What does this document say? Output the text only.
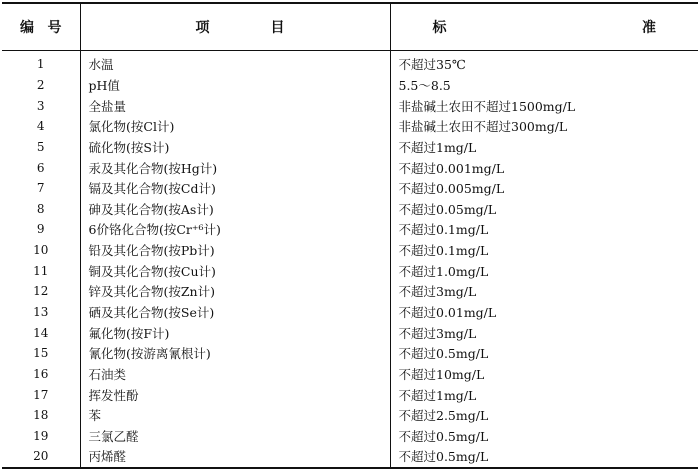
编 号	项 目	标 准

1	水温	不超过35℃
2	pH值	5.5～8.5
3	全盐量	非盐碱土农田不超过1500mg/L
4	氯化物(按Cl计)	非盐碱土农田不超过300mg/L
5	硫化物(按S计)	不超过1mg/L
6	汞及其化合物(按Hg计)	不超过0.001mg/L
7	镉及其化合物(按Cd计)	不超过0.005mg/L
8	砷及其化合物(按As计)	不超过0.05mg/L
9	6价铬化合物(按Cr⁺⁶计)	不超过0.1mg/L
10	铅及其化合物(按Pb计)	不超过0.1mg/L
11	铜及其化合物(按Cu计)	不超过1.0mg/L
12	锌及其化合物(按Zn计)	不超过3mg/L
13	硒及其化合物(按Se计)	不超过0.01mg/L
14	氟化物(按F计)	不超过3mg/L
15	氰化物(按游离氰根计)	不超过0.5mg/L
16	石油类	不超过10mg/L
17	挥发性酚	不超过1mg/L
18	苯	不超过2.5mg/L
19	三氯乙醛	不超过0.5mg/L
20	丙烯醛	不超过0.5mg/L
